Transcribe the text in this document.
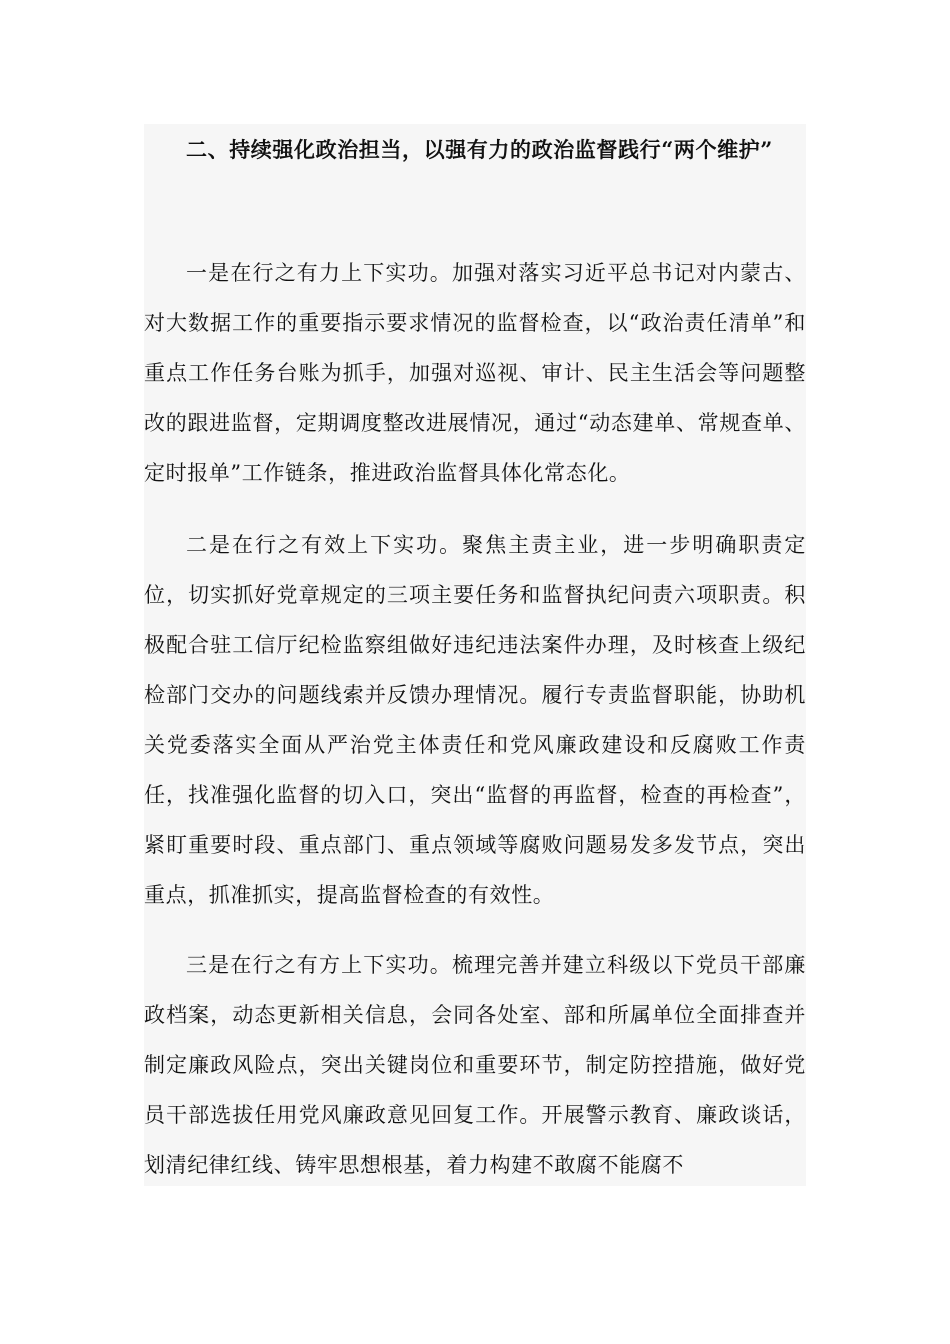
二、持续强化政治担当，以强有力的政治监督践行“两个维护”

一是在行之有力上下实功。加强对落实习近平总书记对内蒙古、对大数据工作的重要指示要求情况的监督检查，以“政治责任清单”和重点工作任务台账为抓手，加强对巡视、审计、民主生活会等问题整改的跟进监督，定期调度整改进展情况，通过“动态建单、常规查单、定时报单”工作链条，推进政治监督具体化常态化。

二是在行之有效上下实功。聚焦主责主业，进一步明确职责定位，切实抓好党章规定的三项主要任务和监督执纪问责六项职责。积极配合驻工信厅纪检监察组做好违纪违法案件办理，及时核查上级纪检部门交办的问题线索并反馈办理情况。履行专责监督职能，协助机关党委落实全面从严治党主体责任和党风廉政建设和反腐败工作责任，找准强化监督的切入口，突出“监督的再监督，检查的再检查”，紧盯重要时段、重点部门、重点领域等腐败问题易发多发节点，突出重点，抓准抓实，提高监督检查的有效性。

三是在行之有方上下实功。梳理完善并建立科级以下党员干部廉政档案，动态更新相关信息，会同各处室、部和所属单位全面排查并制定廉政风险点，突出关键岗位和重要环节，制定防控措施，做好党员干部选拔任用党风廉政意见回复工作。开展警示教育、廉政谈话，划清纪律红线、铸牢思想根基，着力构建不敢腐不能腐不
